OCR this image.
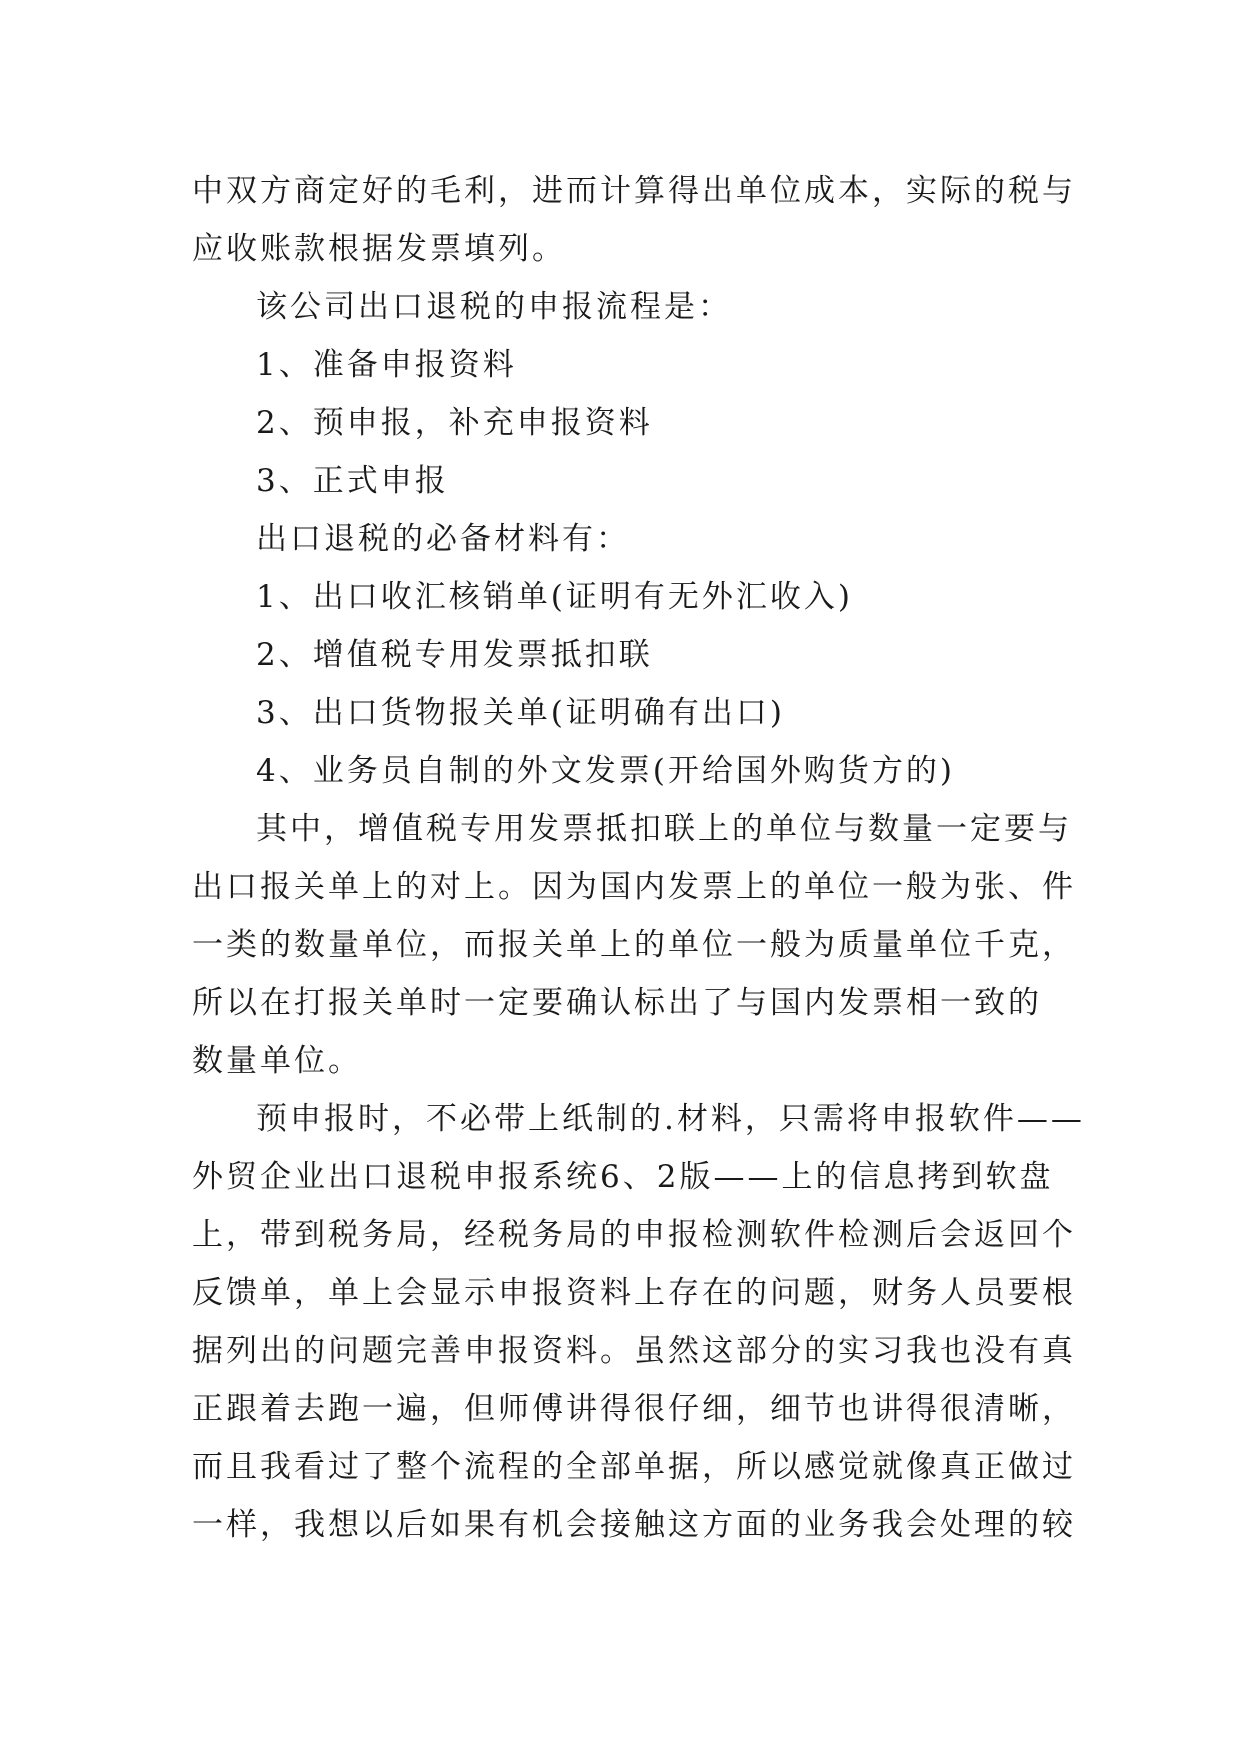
中双方商定好的毛利，进而计算得出单位成本，实际的税与
应收账款根据发票填列。
该公司出口退税的申报流程是：
1、准备申报资料
2、预申报，补充申报资料
3、正式申报
出口退税的必备材料有：
1、出口收汇核销单(证明有无外汇收入)
2、增值税专用发票抵扣联
3、出口货物报关单(证明确有出口)
4、业务员自制的外文发票(开给国外购货方的)
其中，增值税专用发票抵扣联上的单位与数量一定要与
出口报关单上的对上。因为国内发票上的单位一般为张、件
一类的数量单位，而报关单上的单位一般为质量单位千克，
所以在打报关单时一定要确认标出了与国内发票相一致的
数量单位。
预申报时，不必带上纸制的.材料，只需将申报软件——
外贸企业出口退税申报系统6、2版——上的信息拷到软盘
上，带到税务局，经税务局的申报检测软件检测后会返回个
反馈单，单上会显示申报资料上存在的问题，财务人员要根
据列出的问题完善申报资料。虽然这部分的实习我也没有真
正跟着去跑一遍，但师傅讲得很仔细，细节也讲得很清晰，
而且我看过了整个流程的全部单据，所以感觉就像真正做过
一样，我想以后如果有机会接触这方面的业务我会处理的较
